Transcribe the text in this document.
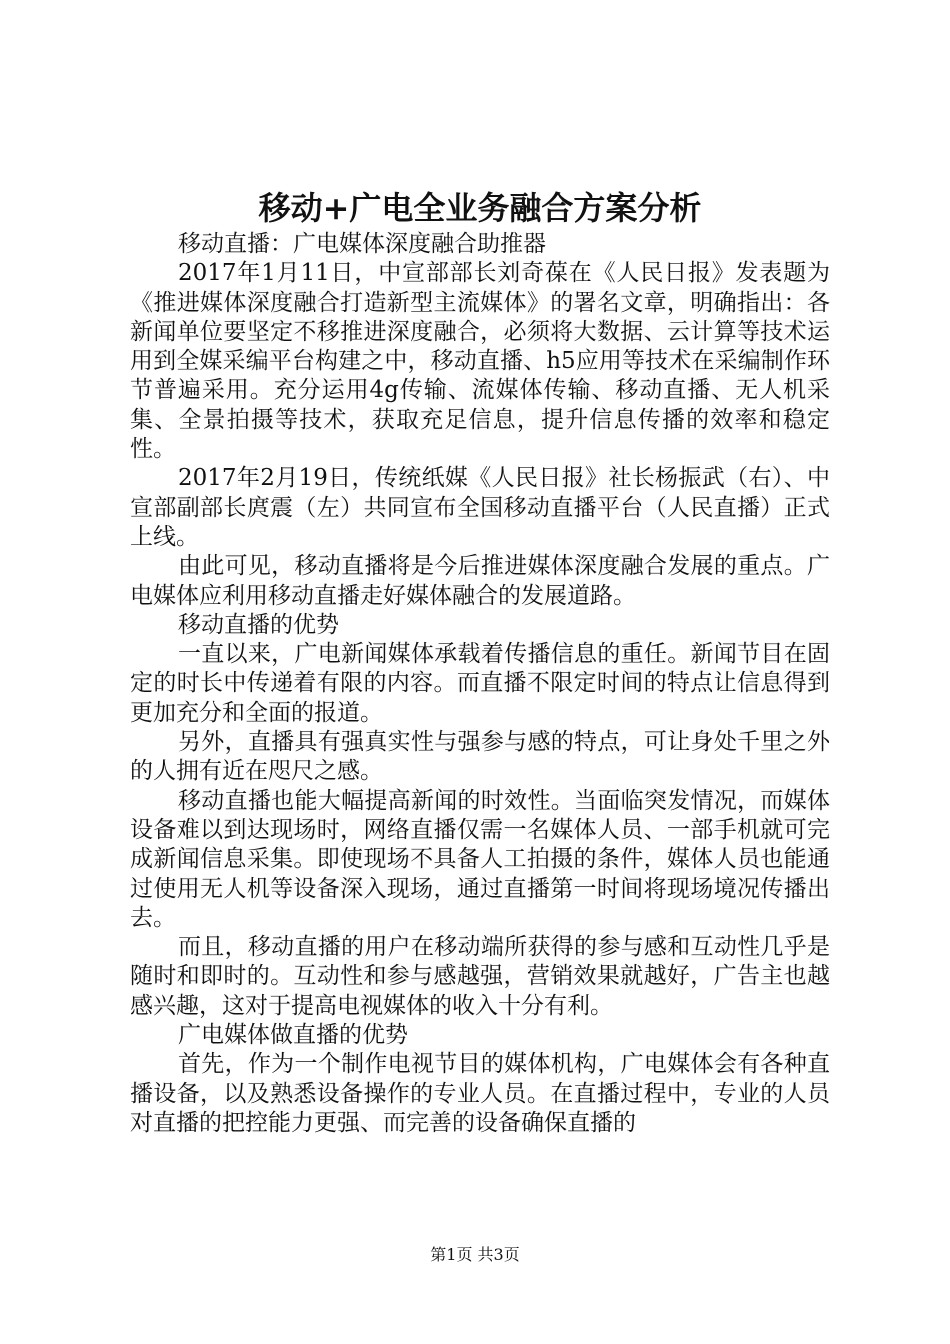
移动+广电全业务融合方案分析

移动直播：广电媒体深度融合助推器

2017年1月11日，中宣部部长刘奇葆在《人民日报》发表题为《推进媒体深度融合打造新型主流媒体》的署名文章，明确指出：各新闻单位要坚定不移推进深度融合，必须将大数据、云计算等技术运用到全媒采编平台构建之中，移动直播、h5应用等技术在采编制作环节普遍采用。充分运用4g传输、流媒体传输、移动直播、无人机采集、全景拍摄等技术，获取充足信息，提升信息传播的效率和稳定性。

2017年2月19日，传统纸媒《人民日报》社长杨振武（右）、中宣部副部长庹震（左）共同宣布全国移动直播平台（人民直播）正式上线。

由此可见，移动直播将是今后推进媒体深度融合发展的重点。广电媒体应利用移动直播走好媒体融合的发展道路。

移动直播的优势

一直以来，广电新闻媒体承载着传播信息的重任。新闻节目在固定的时长中传递着有限的内容。而直播不限定时间的特点让信息得到更加充分和全面的报道。

另外，直播具有强真实性与强参与感的特点，可让身处千里之外的人拥有近在咫尺之感。

移动直播也能大幅提高新闻的时效性。当面临突发情况，而媒体设备难以到达现场时，网络直播仅需一名媒体人员、一部手机就可完成新闻信息采集。即使现场不具备人工拍摄的条件，媒体人员也能通过使用无人机等设备深入现场，通过直播第一时间将现场境况传播出去。

而且，移动直播的用户在移动端所获得的参与感和互动性几乎是随时和即时的。互动性和参与感越强，营销效果就越好，广告主也越感兴趣，这对于提高电视媒体的收入十分有利。

广电媒体做直播的优势

首先，作为一个制作电视节目的媒体机构，广电媒体会有各种直播设备，以及熟悉设备操作的专业人员。在直播过程中，专业的人员对直播的把控能力更强、而完善的设备确保直播的

第1页 共3页
